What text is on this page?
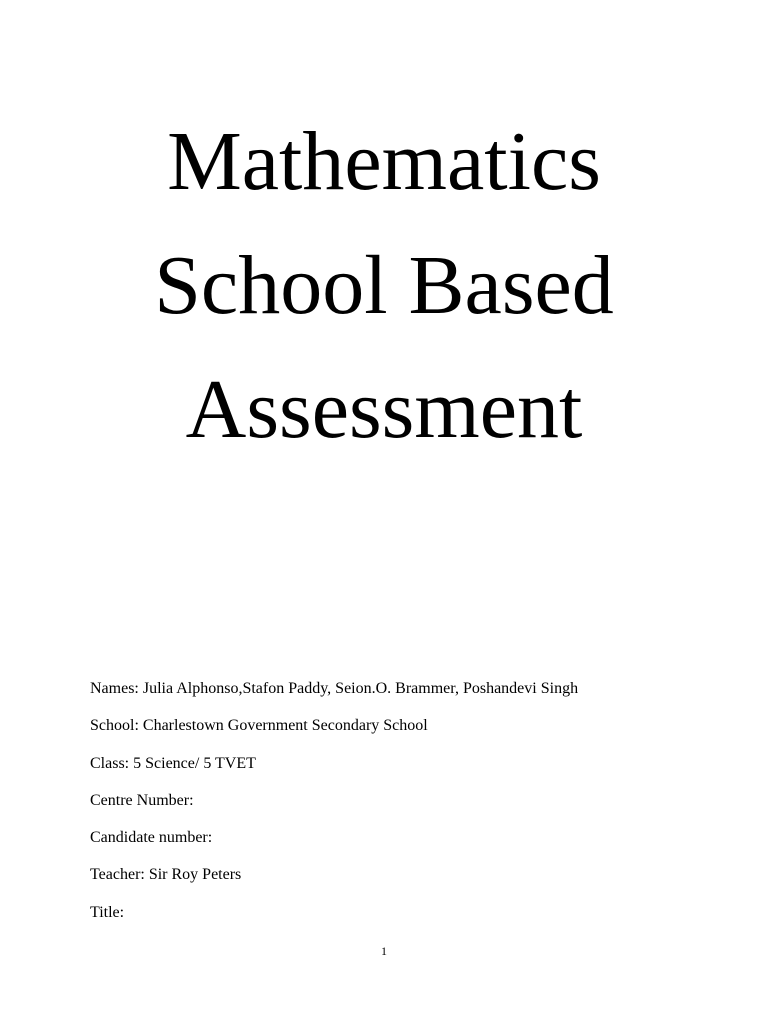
Mathematics
School Based
Assessment
Names: Julia Alphonso,Stafon Paddy, Seion.O. Brammer, Poshandevi Singh
School: Charlestown Government Secondary School
Class: 5 Science/ 5 TVET
Centre Number:
Candidate number:
Teacher: Sir Roy Peters
Title:
1
